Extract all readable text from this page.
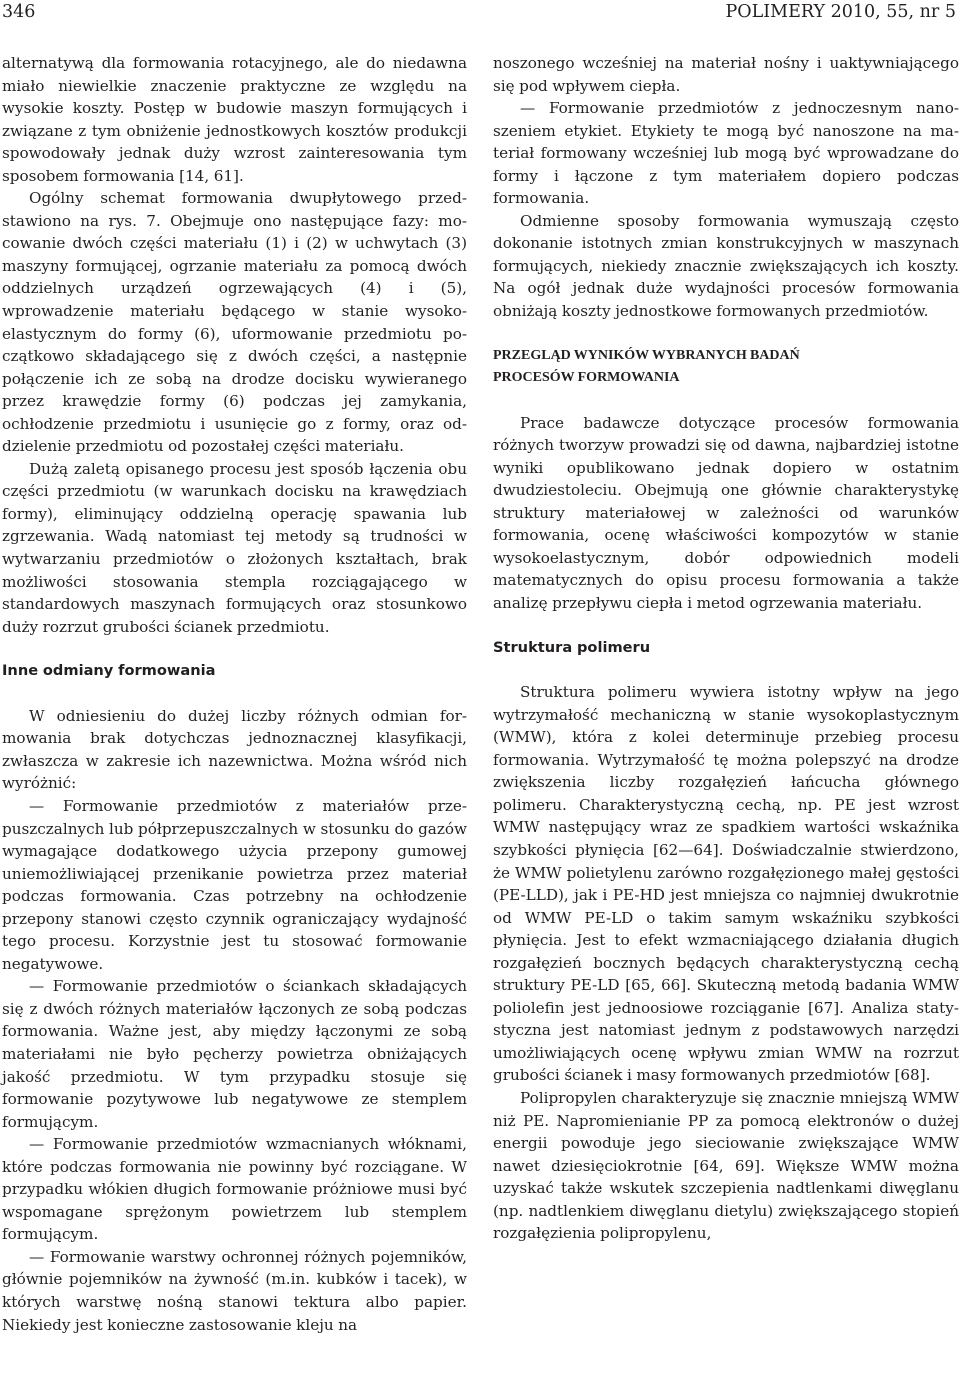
346	POLIMERY 2010, 55, nr 5

alternatywą dla formowania rotacyjnego, ale do niedawna miało niewielkie znaczenie praktyczne ze względu na wysokie koszty. Postęp w budowie maszyn formujących i związane z tym obniżenie jednostkowych kosztów produkcji spowodowały jednak duży wzrost zainteresowania tym sposobem formowania [14, 61].

Ogólny schemat formowania dwupłytowego przedstawiono na rys. 7. Obejmuje ono następujące fazy: mocowanie dwóch części materiału (1) i (2) w uchwytach (3) maszyny formującej, ogrzanie materiału za pomocą dwóch oddzielnych urządzeń ogrzewających (4) i (5), wprowadzenie materiału będącego w stanie wysokoelastycznym do formy (6), uformowanie przedmiotu początkowo składającego się z dwóch części, a następnie połączenie ich ze sobą na drodze docisku wywieranego przez krawędzie formy (6) podczas jej zamykania, ochłodzenie przedmiotu i usunięcie go z formy, oraz oddzielenie przedmiotu od pozostałej części materiału.

Dużą zaletą opisanego procesu jest sposób łączenia obu części przedmiotu (w warunkach docisku na krawędziach formy), eliminujący oddzielną operację spawania lub zgrzewania. Wadą natomiast tej metody są trudności w wytwarzaniu przedmiotów o złożonych kształtach, brak możliwości stosowania stempla rozciągającego w standardowych maszynach formujących oraz stosunkowo duży rozrzut grubości ścianek przedmiotu.

Inne odmiany formowania

W odniesieniu do dużej liczby różnych odmian formowania brak dotychczas jednoznacznej klasyfikacji, zwłaszcza w zakresie ich nazewnictwa. Można wśród nich wyróżnić:

— Formowanie przedmiotów z materiałów przepuszczalnych lub półprzepuszczalnych w stosunku do gazów wymagające dodatkowego użycia przepony gumowej uniemożliwiającej przenikanie powietrza przez materiał podczas formowania. Czas potrzebny na ochłodzenie przepony stanowi często czynnik ograniczający wydajność tego procesu. Korzystnie jest tu stosować formowanie negatywowe.

— Formowanie przedmiotów o ściankach składających się z dwóch różnych materiałów łączonych ze sobą podczas formowania. Ważne jest, aby między łączonymi ze sobą materiałami nie było pęcherzy powietrza obniżających jakość przedmiotu. W tym przypadku stosuje się formowanie pozytywowe lub negatywowe ze stemplem formującym.

— Formowanie przedmiotów wzmacnianych włóknami, które podczas formowania nie powinny być rozciągane. W przypadku włókien długich formowanie próżniowe musi być wspomagane sprężonym powietrzem lub stemplem formującym.

— Formowanie warstwy ochronnej różnych pojemników, głównie pojemników na żywność (m.in. kubków i tacek), w których warstwę nośną stanowi tektura albo papier. Niekiedy jest konieczne zastosowanie kleju na

noszonego wcześniej na materiał nośny i uaktywniającego się pod wpływem ciepła.

— Formowanie przedmiotów z jednoczesnym nanoszeniem etykiet. Etykiety te mogą być nanoszone na materiał formowany wcześniej lub mogą być wprowadzane do formy i łączone z tym materiałem dopiero podczas formowania.

Odmienne sposoby formowania wymuszają często dokonanie istotnych zmian konstrukcyjnych w maszynach formujących, niekiedy znacznie zwiększających ich koszty. Na ogół jednak duże wydajności procesów formowania obniżają koszty jednostkowe formowanych przedmiotów.

PRZEGLĄD WYNIKÓW WYBRANYCH BADAŃ

PROCESÓW FORMOWANIA

Prace badawcze dotyczące procesów formowania różnych tworzyw prowadzi się od dawna, najbardziej istotne wyniki opublikowano jednak dopiero w ostatnim dwudziestoleciu. Obejmują one głównie charakterystykę struktury materiałowej w zależności od warunków formowania, ocenę właściwości kompozytów w stanie wysokoelastycznym, dobór odpowiednich modeli matematycznych do opisu procesu formowania a także analizę przepływu ciepła i metod ogrzewania materiału.

Struktura polimeru

Struktura polimeru wywiera istotny wpływ na jego wytrzymałość mechaniczną w stanie wysokoplastycznym (WMW), która z kolei determinuje przebieg procesu formowania. Wytrzymałość tę można polepszyć na drodze zwiększenia liczby rozgałęzień łańcucha głównego polimeru. Charakterystyczną cechą, np. PE jest wzrost WMW następujący wraz ze spadkiem wartości wskaźnika szybkości płynięcia [62—64]. Doświadczalnie stwierdzono, że WMW polietylenu zarówno rozgałęzionego małej gęstości (PE-LLD), jak i PE-HD jest mniejsza co najmniej dwukrotnie od WMW PE-LD o takim samym wskaźniku szybkości płynięcia. Jest to efekt wzmacniającego działania długich rozgałęzień bocznych będących charakterystyczną cechą struktury PE-LD [65, 66]. Skuteczną metodą badania WMW poliolefin jest jednoosiowe rozciąganie [67]. Analiza statystyczna jest natomiast jednym z podstawowych narzędzi umożliwiających ocenę wpływu zmian WMW na rozrzut grubości ścianek i masy formowanych przedmiotów [68].

Polipropylen charakteryzuje się znacznie mniejszą WMW niż PE. Napromienianie PP za pomocą elektronów o dużej energii powoduje jego sieciowanie zwiększające WMW nawet dziesięciokrotnie [64, 69]. Większe WMW można uzyskać także wskutek szczepienia nadtlenkami diwęglanu (np. nadtlenkiem diwęglanu dietylu) zwiększającego stopień rozgałęzienia polipropylenu,
